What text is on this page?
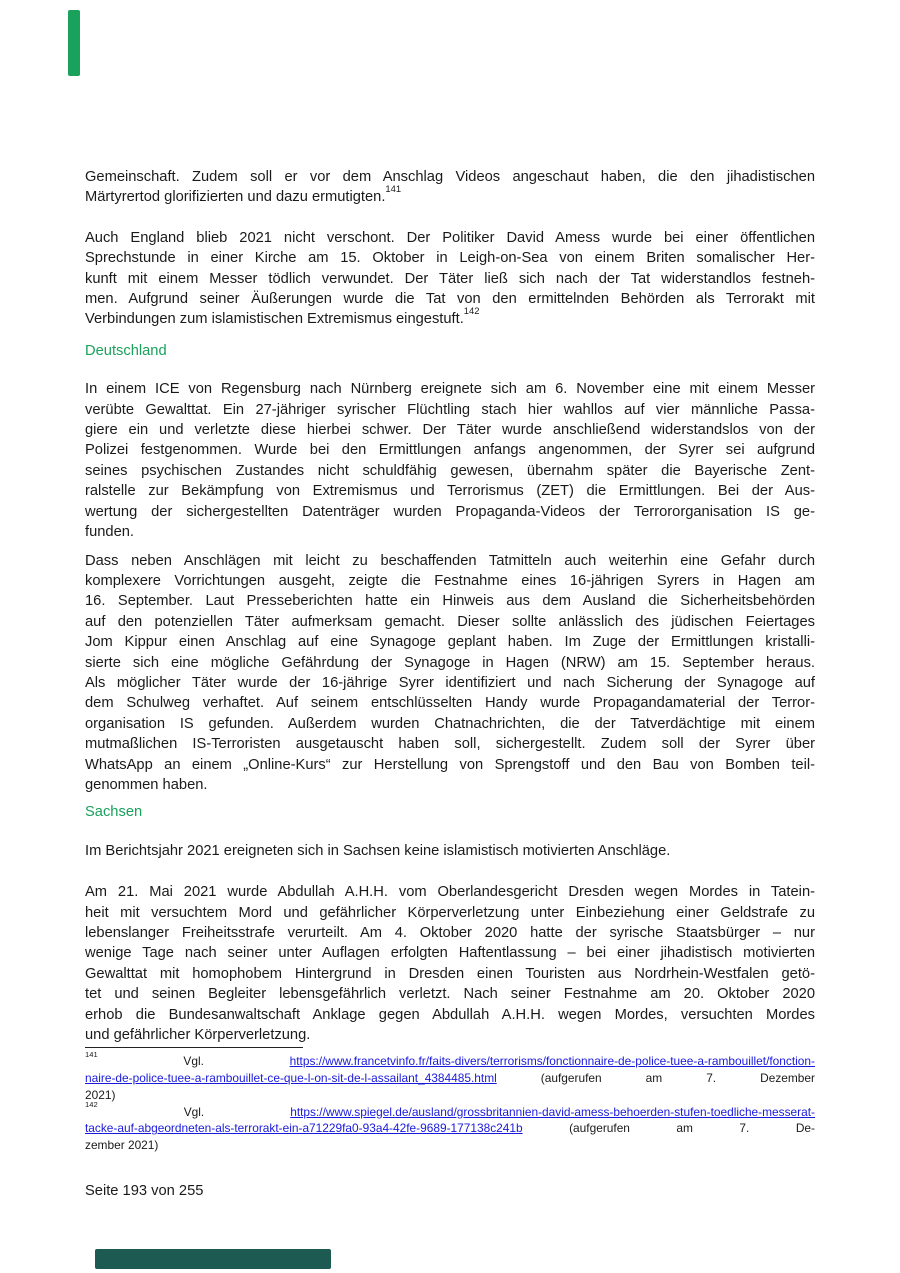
Gemeinschaft. Zudem soll er vor dem Anschlag Videos angeschaut haben, die den jihadistischen
Märtyrertod glorifizierten und dazu ermutigten.$^{141}$
Auch England blieb 2021 nicht verschont. Der Politiker David Amess wurde bei einer öffentlichen
Sprechstunde in einer Kirche am 15. Oktober in Leigh-on-Sea von einem Briten somalischer Her-
kunft mit einem Messer tödlich verwundet. Der Täter ließ sich nach der Tat widerstandlos festneh-
men. Aufgrund seiner Äußerungen wurde die Tat von den ermittelnden Behörden als Terrorakt mit
Verbindungen zum islamistischen Extremismus eingestuft.$^{142}$
Deutschland
In einem ICE von Regensburg nach Nürnberg ereignete sich am 6. November eine mit einem Messer
verübte Gewalttat. Ein 27-jähriger syrischer Flüchtling stach hier wahllos auf vier männliche Passa-
giere ein und verletzte diese hierbei schwer. Der Täter wurde anschließend widerstandslos von der
Polizei festgenommen. Wurde bei den Ermittlungen anfangs angenommen, der Syrer sei aufgrund
seines psychischen Zustandes nicht schuldfähig gewesen, übernahm später die Bayerische Zent-
ralstelle zur Bekämpfung von Extremismus und Terrorismus (ZET) die Ermittlungen. Bei der Aus-
wertung der sichergestellten Datenträger wurden Propaganda-Videos der Terrororganisation IS ge-
funden.
Dass neben Anschlägen mit leicht zu beschaffenden Tatmitteln auch weiterhin eine Gefahr durch
komplexere Vorrichtungen ausgeht, zeigte die Festnahme eines 16-jährigen Syrers in Hagen am
16. September. Laut Presseberichten hatte ein Hinweis aus dem Ausland die Sicherheitsbehörden
auf den potenziellen Täter aufmerksam gemacht. Dieser sollte anlässlich des jüdischen Feiertages
Jom Kippur einen Anschlag auf eine Synagoge geplant haben. Im Zuge der Ermittlungen kristalli-
sierte sich eine mögliche Gefährdung der Synagoge in Hagen (NRW) am 15. September heraus.
Als möglicher Täter wurde der 16-jährige Syrer identifiziert und nach Sicherung der Synagoge auf
dem Schulweg verhaftet. Auf seinem entschlüsselten Handy wurde Propagandamaterial der Terror-
organisation IS gefunden. Außerdem wurden Chatnachrichten, die der Tatverdächtige mit einem
mutmaßlichen IS-Terroristen ausgetauscht haben soll, sichergestellt. Zudem soll der Syrer über
WhatsApp an einem „Online-Kurs“ zur Herstellung von Sprengstoff und den Bau von Bomben teil-
genommen haben.
Sachsen
Im Berichtsjahr 2021 ereigneten sich in Sachsen keine islamistisch motivierten Anschläge.
Am 21. Mai 2021 wurde Abdullah A.H.H. vom Oberlandesgericht Dresden wegen Mordes in Tatein-
heit mit versuchtem Mord und gefährlicher Körperverletzung unter Einbeziehung einer Geldstrafe zu
lebenslanger Freiheitsstrafe verurteilt. Am 4. Oktober 2020 hatte der syrische Staatsbürger – nur
wenige Tage nach seiner unter Auflagen erfolgten Haftentlassung – bei einer jihadistisch motivierten
Gewalttat mit homophobem Hintergrund in Dresden einen Touristen aus Nordrhein-Westfalen getö-
tet und seinen Begleiter lebensgefährlich verletzt. Nach seiner Festnahme am 20. Oktober 2020
erhob die Bundesanwaltschaft Anklage gegen Abdullah A.H.H. wegen Mordes, versuchten Mordes
und gefährlicher Körperverletzung.
$^{141}$ Vgl. https://www.francetvinfo.fr/faits-divers/terrorisms/fonctionnaire-de-police-tuee-a-rambouillet/fonction-
naire-de-police-tuee-a-rambouillet-ce-que-l-on-sit-de-l-assailant_4384485.html (aufgerufen am 7. Dezember
2021)
$^{142}$ Vgl. https://www.spiegel.de/ausland/grossbritannien-david-amess-behoerden-stufen-toedliche-messerat-
tacke-auf-abgeordneten-als-terrorakt-ein-a71229fa0-93a4-42fe-9689-177138c241b (aufgerufen am 7. De-
zember 2021)
Seite 193 von 255
